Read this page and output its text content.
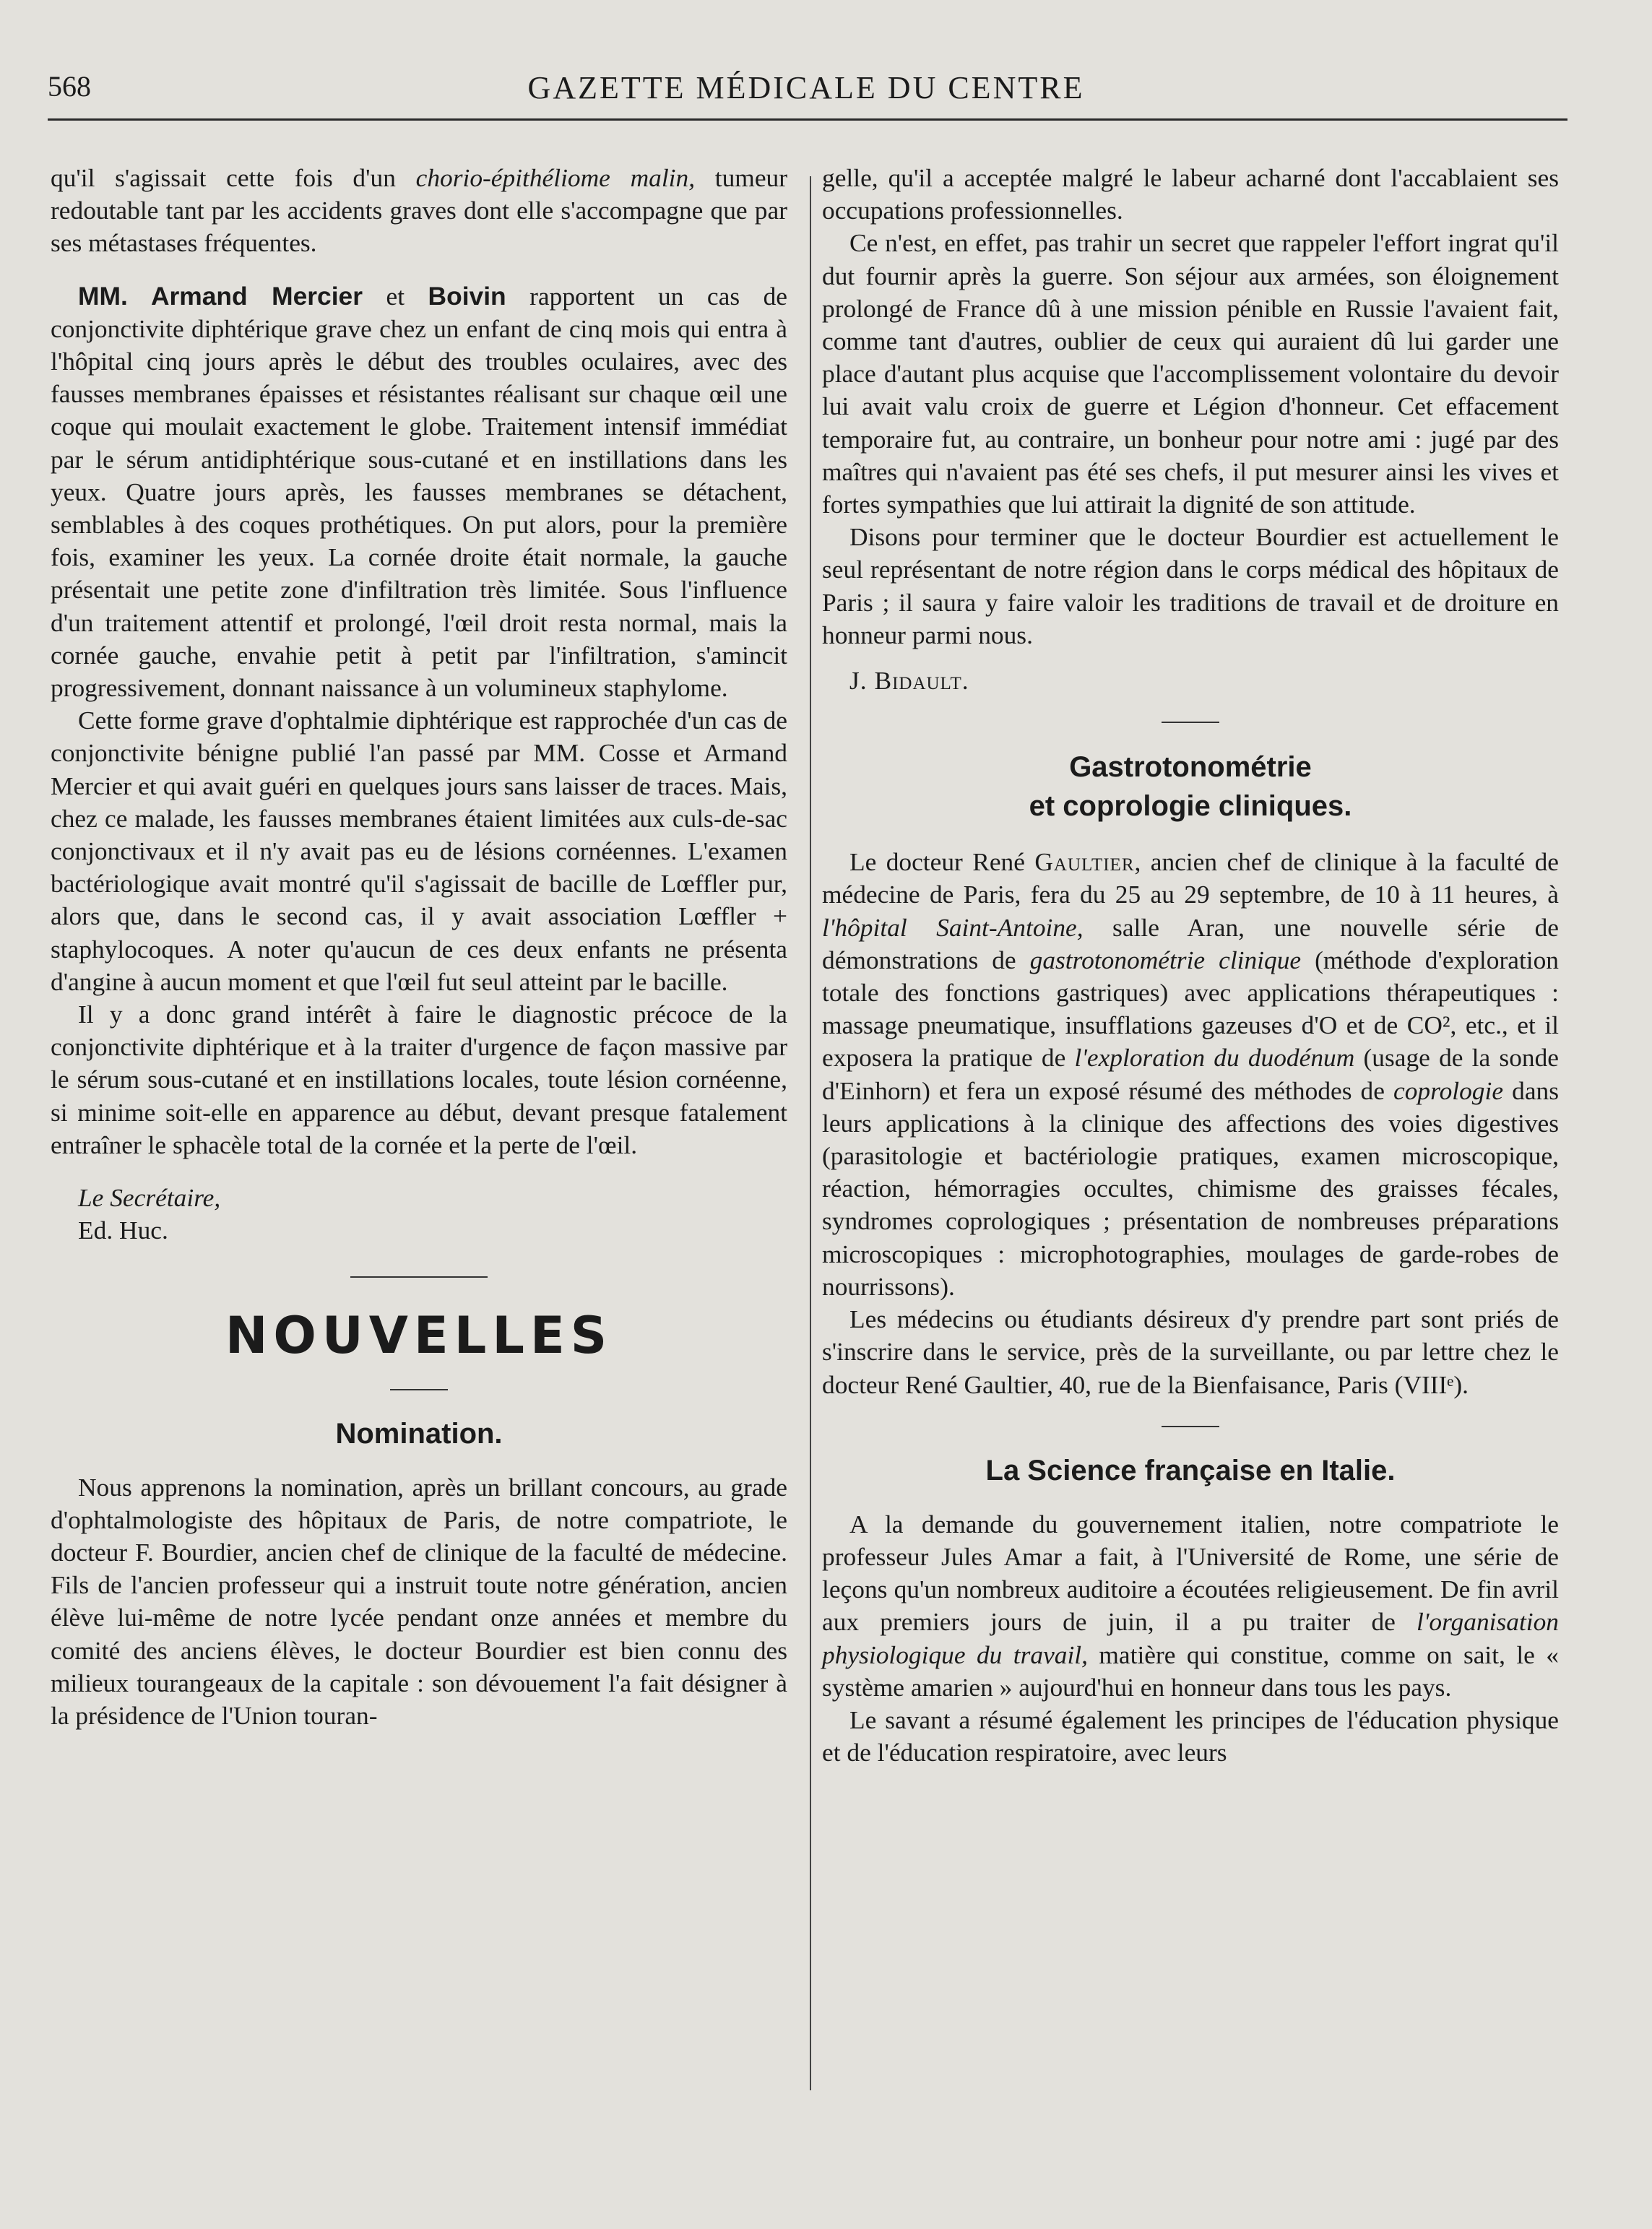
568	GAZETTE MÉDICALE DU CENTRE

qu'il s'agissait cette fois d'un chorio-épithéliome malin, tumeur redoutable tant par les accidents graves dont elle s'accompagne que par ses métastases fréquentes.

MM. Armand Mercier et Boivin rapportent un cas de conjonctivite diphtérique grave chez un enfant de cinq mois qui entra à l'hôpital cinq jours après le début des troubles oculaires, avec des fausses membranes épaisses et résistantes réalisant sur chaque œil une coque qui moulait exactement le globe. Traitement intensif immédiat par le sérum antidiphtérique sous-cutané et en instillations dans les yeux. Quatre jours après, les fausses membranes se détachent, semblables à des coques prothétiques. On put alors, pour la première fois, examiner les yeux. La cornée droite était normale, la gauche présentait une petite zone d'infiltration très limitée. Sous l'influence d'un traitement attentif et prolongé, l'œil droit resta normal, mais la cornée gauche, envahie petit à petit par l'infiltration, s'amincit progressivement, donnant naissance à un volumineux staphylome.

Cette forme grave d'ophtalmie diphtérique est rapprochée d'un cas de conjonctivite bénigne publié l'an passé par MM. Cosse et Armand Mercier et qui avait guéri en quelques jours sans laisser de traces. Mais, chez ce malade, les fausses membranes étaient limitées aux culs-de-sac conjonctivaux et il n'y avait pas eu de lésions cornéennes. L'examen bactériologique avait montré qu'il s'agissait de bacille de Lœffler pur, alors que, dans le second cas, il y avait association Lœffler + staphylocoques. A noter qu'aucun de ces deux enfants ne présenta d'angine à aucun moment et que l'œil fut seul atteint par le bacille.

Il y a donc grand intérêt à faire le diagnostic précoce de la conjonctivite diphtérique et à la traiter d'urgence de façon massive par le sérum sous-cutané et en instillations locales, toute lésion cornéenne, si minime soit-elle en apparence au début, devant presque fatalement entraîner le sphacèle total de la cornée et la perte de l'œil.

Le Secrétaire,

Ed. Huc.

NOUVELLES
Nomination.

Nous apprenons la nomination, après un brillant concours, au grade d'ophtalmologiste des hôpitaux de Paris, de notre compatriote, le docteur F. Bourdier, ancien chef de clinique de la faculté de médecine. Fils de l'ancien professeur qui a instruit toute notre génération, ancien élève lui-même de notre lycée pendant onze années et membre du comité des anciens élèves, le docteur Bourdier est bien connu des milieux tourangeaux de la capitale : son dévouement l'a fait désigner à la présidence de l'Union touran-

gelle, qu'il a acceptée malgré le labeur acharné dont l'accablaient ses occupations professionnelles.

Ce n'est, en effet, pas trahir un secret que rappeler l'effort ingrat qu'il dut fournir après la guerre. Son séjour aux armées, son éloignement prolongé de France dû à une mission pénible en Russie l'avaient fait, comme tant d'autres, oublier de ceux qui auraient dû lui garder une place d'autant plus acquise que l'accomplissement volontaire du devoir lui avait valu croix de guerre et Légion d'honneur. Cet effacement temporaire fut, au contraire, un bonheur pour notre ami : jugé par des maîtres qui n'avaient pas été ses chefs, il put mesurer ainsi les vives et fortes sympathies que lui attirait la dignité de son attitude.

Disons pour terminer que le docteur Bourdier est actuellement le seul représentant de notre région dans le corps médical des hôpitaux de Paris ; il saura y faire valoir les traditions de travail et de droiture en honneur parmi nous.

J. Bidault.

Gastrotonométrie
et coprologie cliniques.

Le docteur René Gaultier, ancien chef de clinique à la faculté de médecine de Paris, fera du 25 au 29 septembre, de 10 à 11 heures, à l'hôpital Saint-Antoine, salle Aran, une nouvelle série de démonstrations de gastrotonométrie clinique (méthode d'exploration totale des fonctions gastriques) avec applications thérapeutiques : massage pneumatique, insufflations gazeuses d'O et de CO², etc., et il exposera la pratique de l'exploration du duodénum (usage de la sonde d'Einhorn) et fera un exposé résumé des méthodes de coprologie dans leurs applications à la clinique des affections des voies digestives (parasitologie et bactériologie pratiques, examen microscopique, réaction, hémorragies occultes, chimisme des graisses fécales, syndromes coprologiques ; présentation de nombreuses préparations microscopiques : microphotographies, moulages de garde-robes de nourrissons).

Les médecins ou étudiants désireux d'y prendre part sont priés de s'inscrire dans le service, près de la surveillante, ou par lettre chez le docteur René Gaultier, 40, rue de la Bienfaisance, Paris (VIIIᵉ).

La Science française en Italie.

A la demande du gouvernement italien, notre compatriote le professeur Jules Amar a fait, à l'Université de Rome, une série de leçons qu'un nombreux auditoire a écoutées religieusement. De fin avril aux premiers jours de juin, il a pu traiter de l'organisation physiologique du travail, matière qui constitue, comme on sait, le « système amarien » aujourd'hui en honneur dans tous les pays.

Le savant a résumé également les principes de l'éducation physique et de l'éducation respiratoire, avec leurs
